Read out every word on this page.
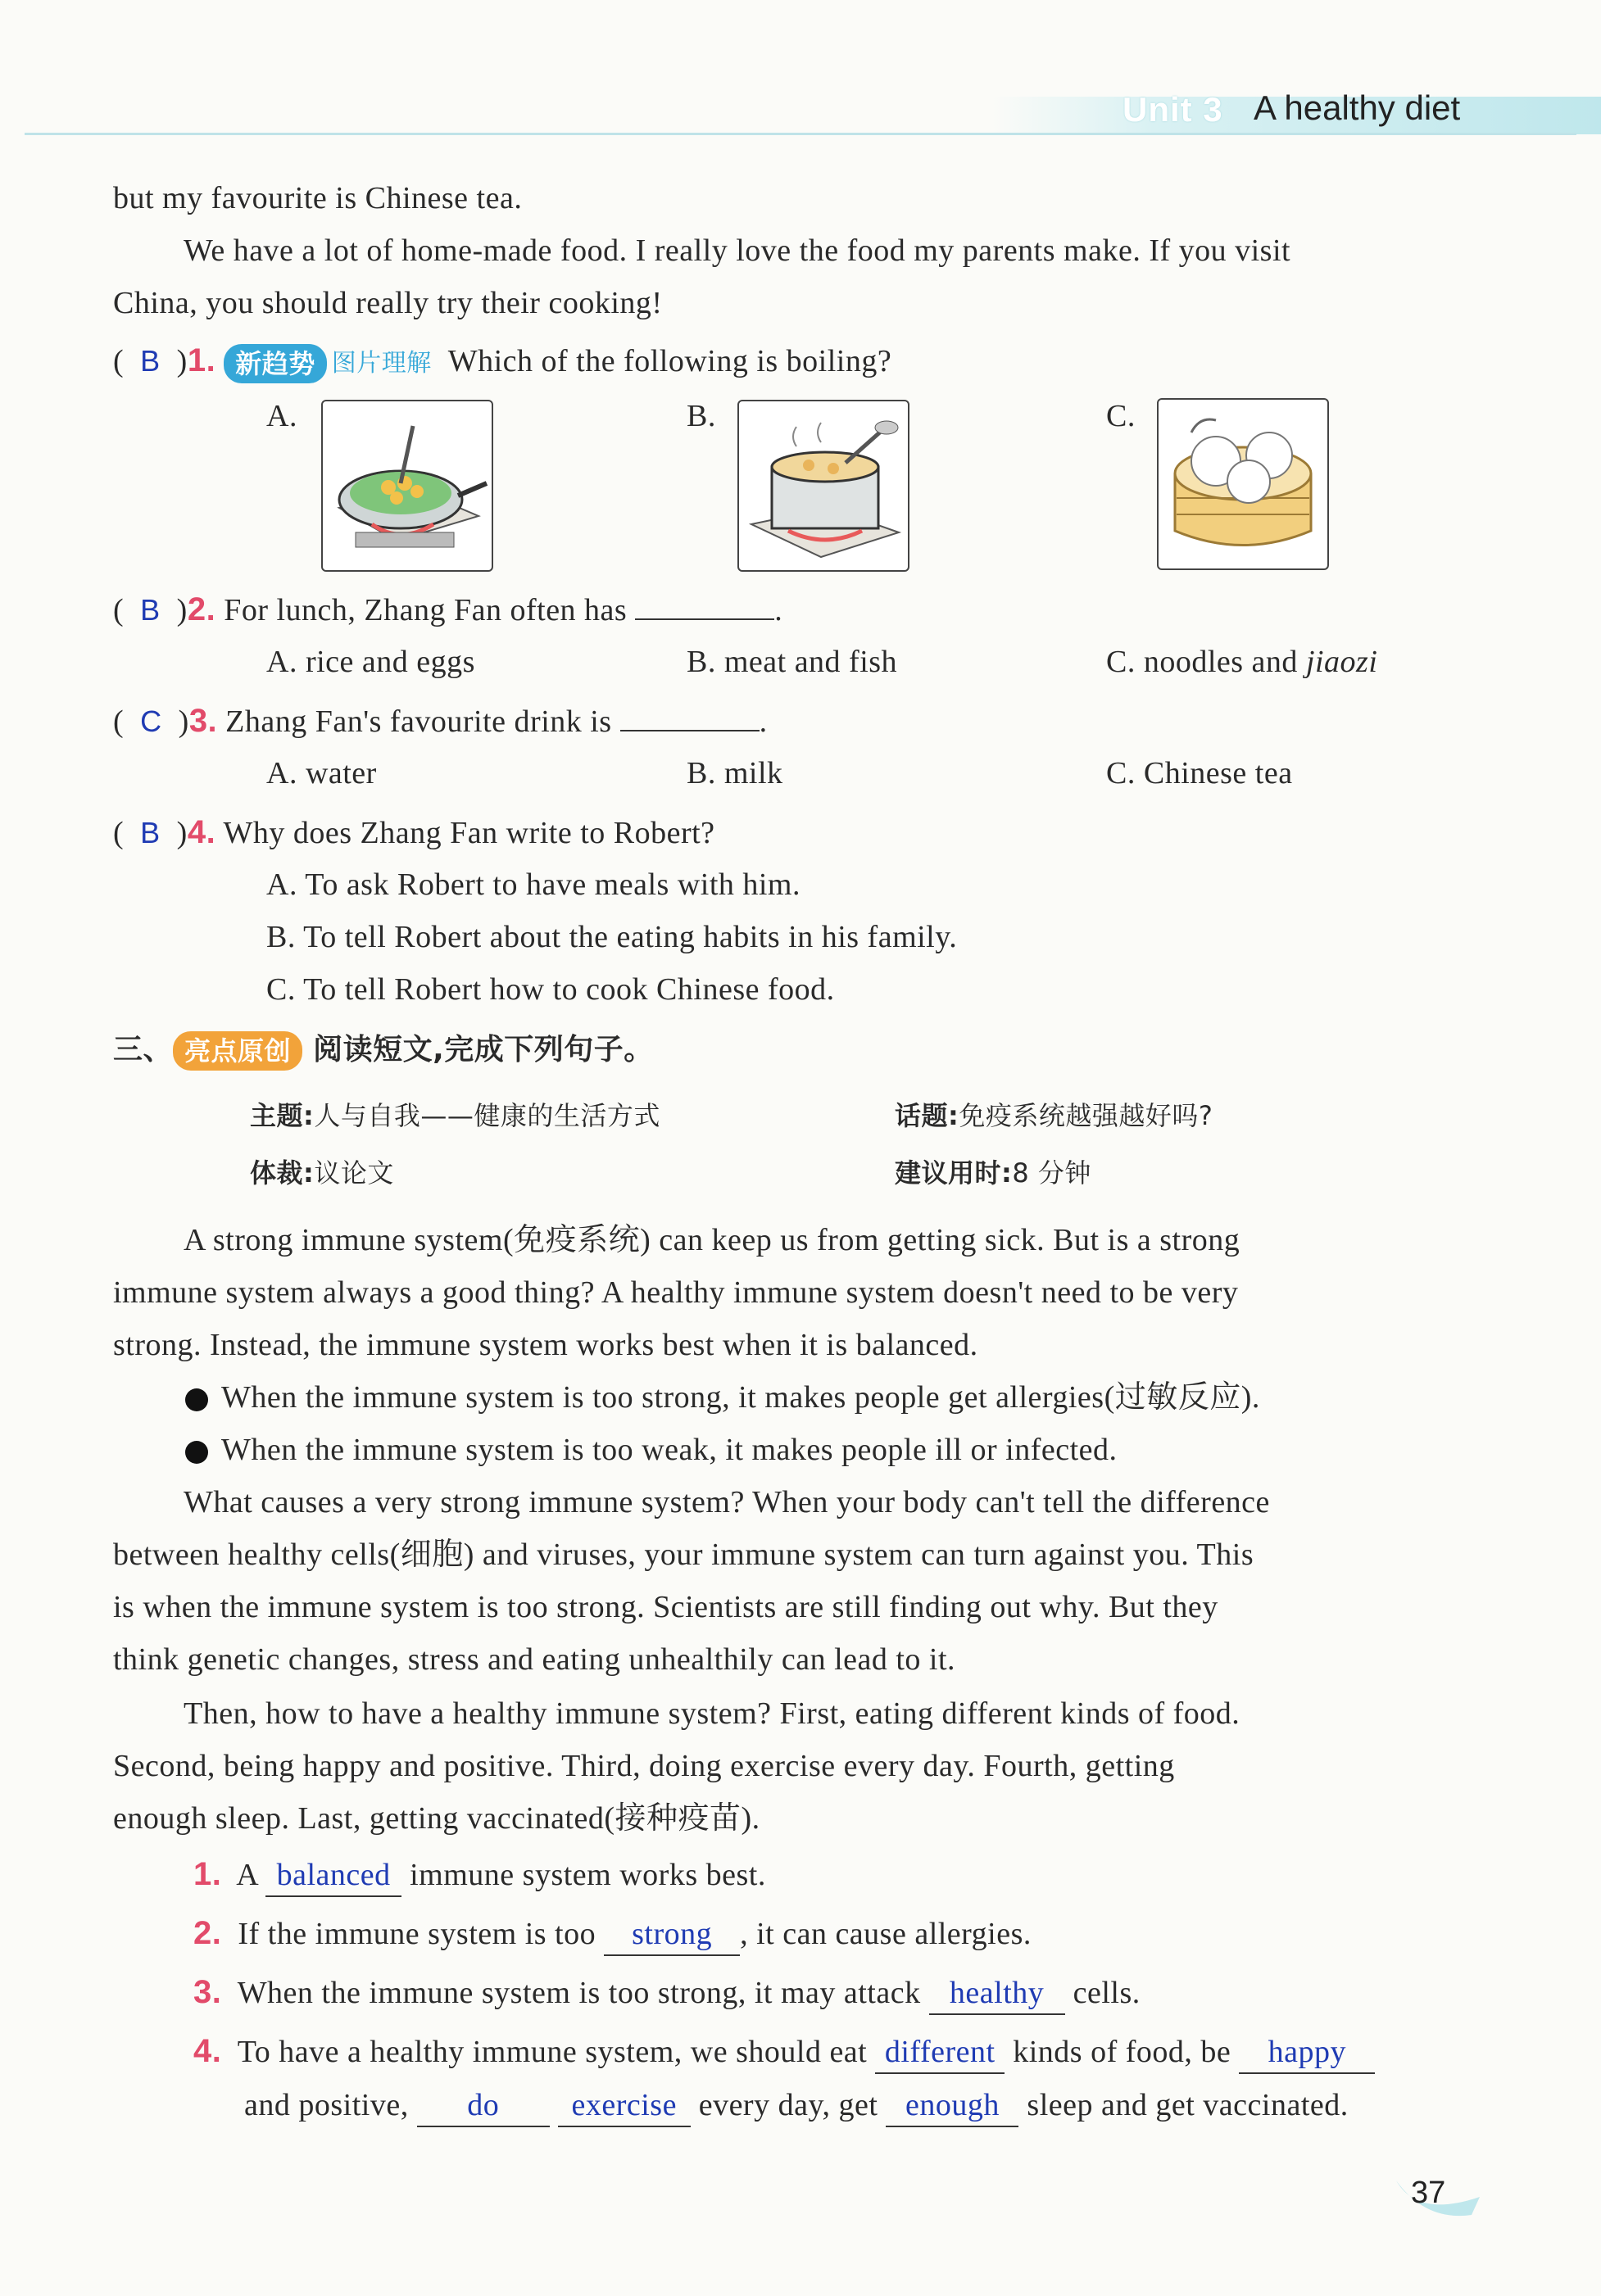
Unit 3 A healthy diet
but my favourite is Chinese tea.
We have a lot of home-made food. I really love the food my parents make. If you visit
China, you should really try their cooking!
(  B  )1. 新趋势 图片理解 Which of the following is boiling?
A.	B.	C.
(  B  )2. For lunch, Zhang Fan often has	.
A. rice and eggs	B. meat and fish	C. noodles and jiaozi
(  C  )3. Zhang Fan's favourite drink is	.
A. water	B. milk	C. Chinese tea
(  B  )4. Why does Zhang Fan write to Robert?
A. To ask Robert to have meals with him.
B. To tell Robert about the eating habits in his family.
C. To tell Robert how to cook Chinese food.
三、 亮点原创 阅读短文,完成下列句子。
主题:人与自我——健康的生活方式	话题:免疫系统越强越好吗?
体裁:议论文	建议用时:8 分钟
A strong immune system(免疫系统) can keep us from getting sick. But is a strong
immune system always a good thing? A healthy immune system doesn't need to be very
strong. Instead, the immune system works best when it is balanced.
When the immune system is too strong, it makes people get allergies(过敏反应).
When the immune system is too weak, it makes people ill or infected.
What causes a very strong immune system? When your body can't tell the difference
between healthy cells(细胞) and viruses, your immune system can turn against you. This
is when the immune system is too strong. Scientists are still finding out why. But they
think genetic changes, stress and eating unhealthily can lead to it.
Then, how to have a healthy immune system? First, eating different kinds of food.
Second, being happy and positive. Third, doing exercise every day. Fourth, getting
enough sleep. Last, getting vaccinated(接种疫苗).
1. A balanced immune system works best.
2. If the immune system is too strong , it can cause allergies.
3. When the immune system is too strong, it may attack healthy cells.
4. To have a healthy immune system, we should eat different kinds of food, be happy
and positive, do exercise every day, get enough sleep and get vaccinated.
37
